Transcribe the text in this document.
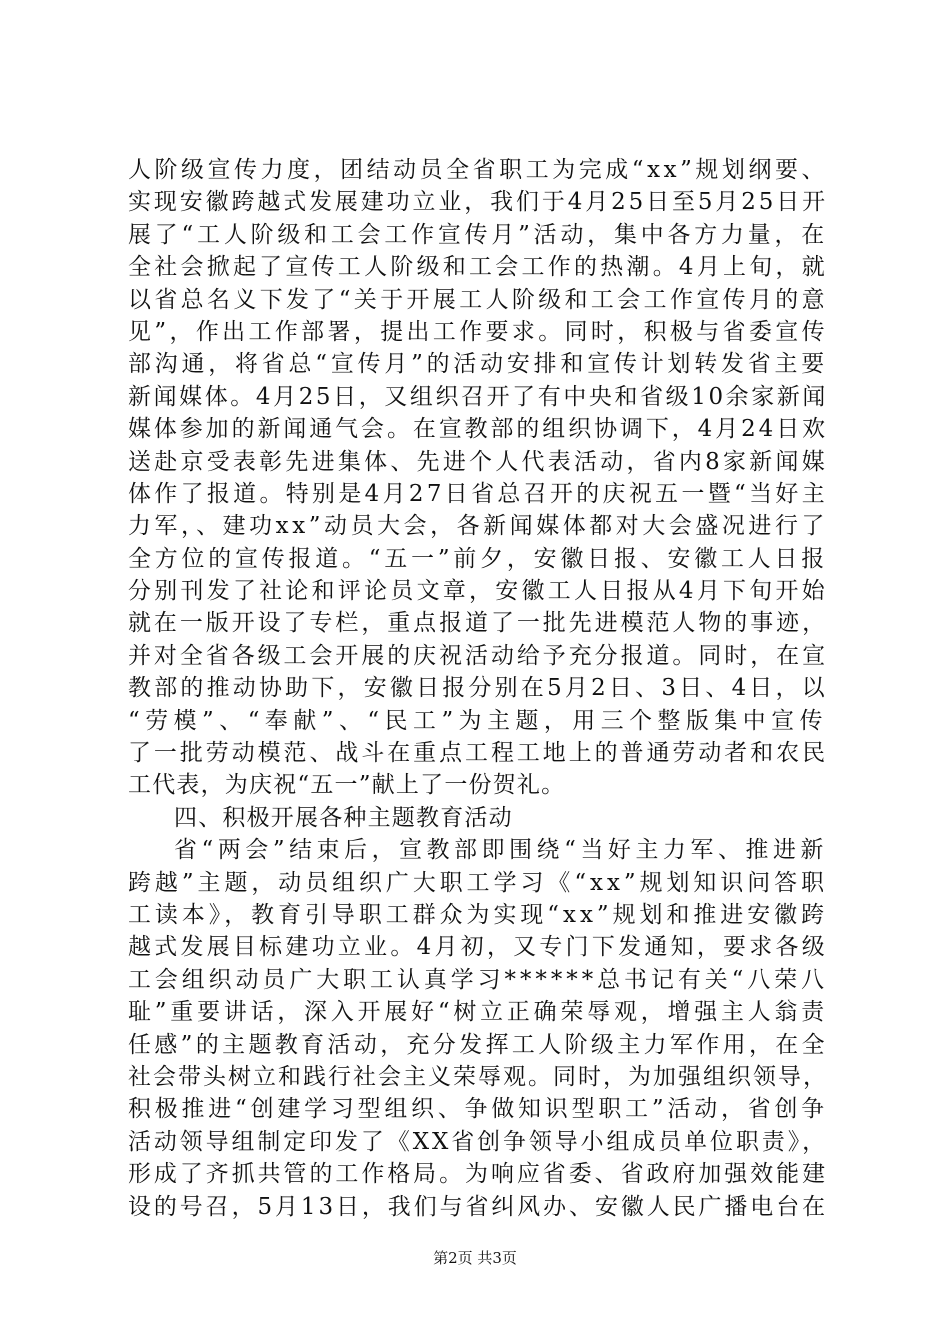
人阶级宣传力度，团结动员全省职工为完成“xx”规划纲要、
实现安徽跨越式发展建功立业，我们于4月25日至5月25日开
展了“工人阶级和工会工作宣传月”活动，集中各方力量，在
全社会掀起了宣传工人阶级和工会工作的热潮。4月上旬，就
以省总名义下发了“关于开展工人阶级和工会工作宣传月的意
见”，作出工作部署，提出工作要求。同时，积极与省委宣传
部沟通，将省总“宣传月”的活动安排和宣传计划转发省主要
新闻媒体。4月25日，又组织召开了有中央和省级10余家新闻
媒体参加的新闻通气会。在宣教部的组织协调下，4月24日欢
送赴京受表彰先进集体、先进个人代表活动，省内8家新闻媒
体作了报道。特别是4月27日省总召开的庆祝五一暨“当好主
力军，、建功xx”动员大会，各新闻媒体都对大会盛况进行了
全方位的宣传报道。“五一”前夕，安徽日报、安徽工人日报
分别刊发了社论和评论员文章，安徽工人日报从4月下旬开始
就在一版开设了专栏，重点报道了一批先进模范人物的事迹，
并对全省各级工会开展的庆祝活动给予充分报道。同时，在宣
教部的推动协助下，安徽日报分别在5月2日、3日、4日，以
“劳模”、“奉献”、“民工”为主题，用三个整版集中宣传
了一批劳动模范、战斗在重点工程工地上的普通劳动者和农民
工代表，为庆祝“五一”献上了一份贺礼。
四、积极开展各种主题教育活动
省“两会”结束后，宣教部即围绕“当好主力军、推进新
跨越”主题，动员组织广大职工学习《“xx”规划知识问答职
工读本》，教育引导职工群众为实现“xx”规划和推进安徽跨
越式发展目标建功立业。4月初，又专门下发通知，要求各级
工会组织动员广大职工认真学习******总书记有关“八荣八
耻”重要讲话，深入开展好“树立正确荣辱观，增强主人翁责
任感”的主题教育活动，充分发挥工人阶级主力军作用，在全
社会带头树立和践行社会主义荣辱观。同时，为加强组织领导，
积极推进“创建学习型组织、争做知识型职工”活动，省创争
活动领导组制定印发了《XX省创争领导小组成员单位职责》，
形成了齐抓共管的工作格局。为响应省委、省政府加强效能建
设的号召，5月13日，我们与省纠风办、安徽人民广播电台在
第2页 共3页
